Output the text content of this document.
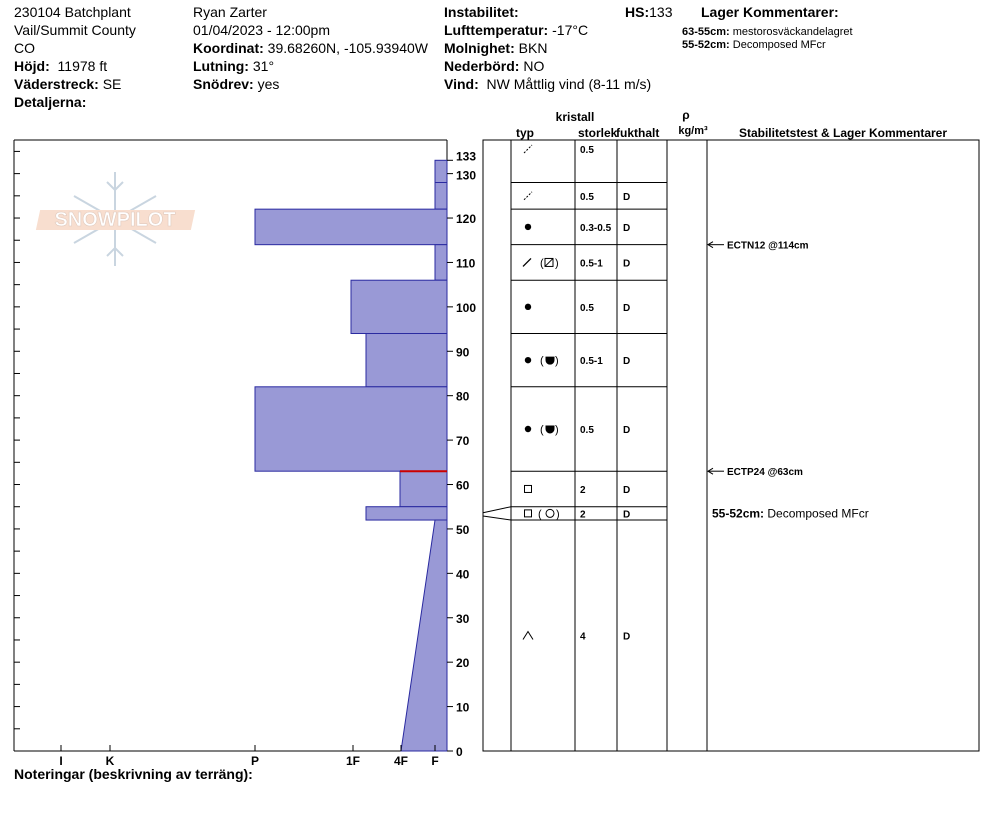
230104 Batchplant
Vail/Summit County
CO
Höjd: 11978 ft
Väderstreck: SE
Detaljerna:
Ryan Zarter
01/04/2023 - 12:00pm
Koordinat: 39.68260N, -105.93940W
Lutning: 31°
Snödrev: yes
Instabilitet:
Lufttemperatur: -17°C
Molnighet: BKN
Nederbörd: NO
Vind: NW Måttlig vind (8-11 m/s)
HS:133 Lager Kommentarer:
63-55cm: mestorosväckandelagret
55-52cm: Decomposed MFcr
Noteringar (beskrivning av terräng):
SNOWPILOT
I	K	P	1F	4F F
0
10
20
30
40
50
60
70
80
90
100
110
120
130
133	0.5
0.5	D
0.3-0.5 D
( ) 0.5-1 D
0.5	D
( ) 0.5-1 D
( ) 0.5	D
2	D
( ) 2	D
4	D
ECTN12 @114cm
ECTP24 @63cm
55-52cm: Decomposed MFcr
kristall
typ	storlek
fukthalt
ρ
kg/m³	Stabilitetstest & Lager Kommentarer
